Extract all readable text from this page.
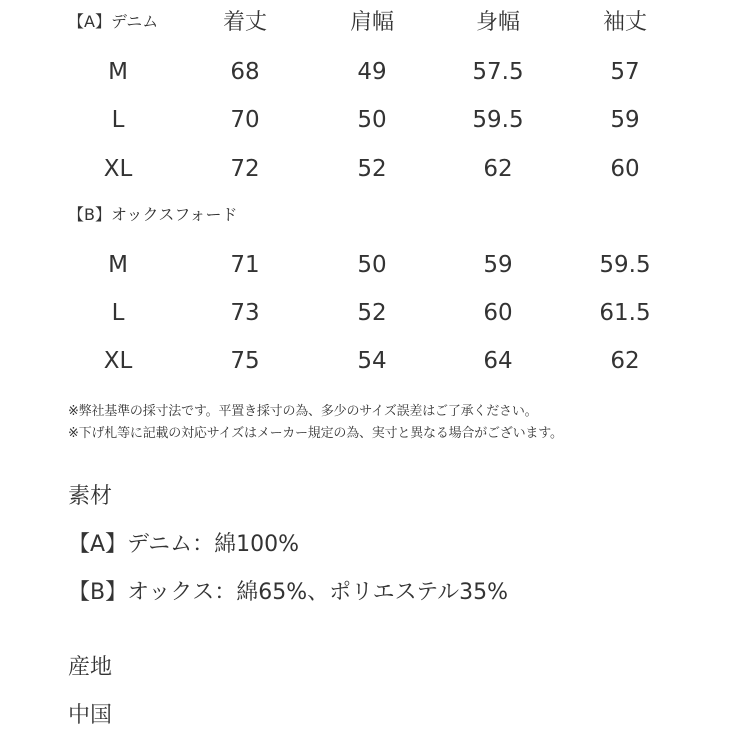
【A】デニム	着丈	肩幅	身幅	袖丈
M	68	49	57.5	57
L	70	50	59.5	59
XL	72	52	62	60
【B】オックスフォード
M	71	50	59	59.5
L	73	52	60	61.5
XL	75	54	64	62
※弊社基準の採寸法です。平置き採寸の為、多少のサイズ誤差はご了承ください。
※下げ札等に記載の対応サイズはメーカー規定の為、実寸と異なる場合がございます。
素材
【A】デニム：綿100%
【B】オックス：綿65%、ポリエステル35%
産地
中国
